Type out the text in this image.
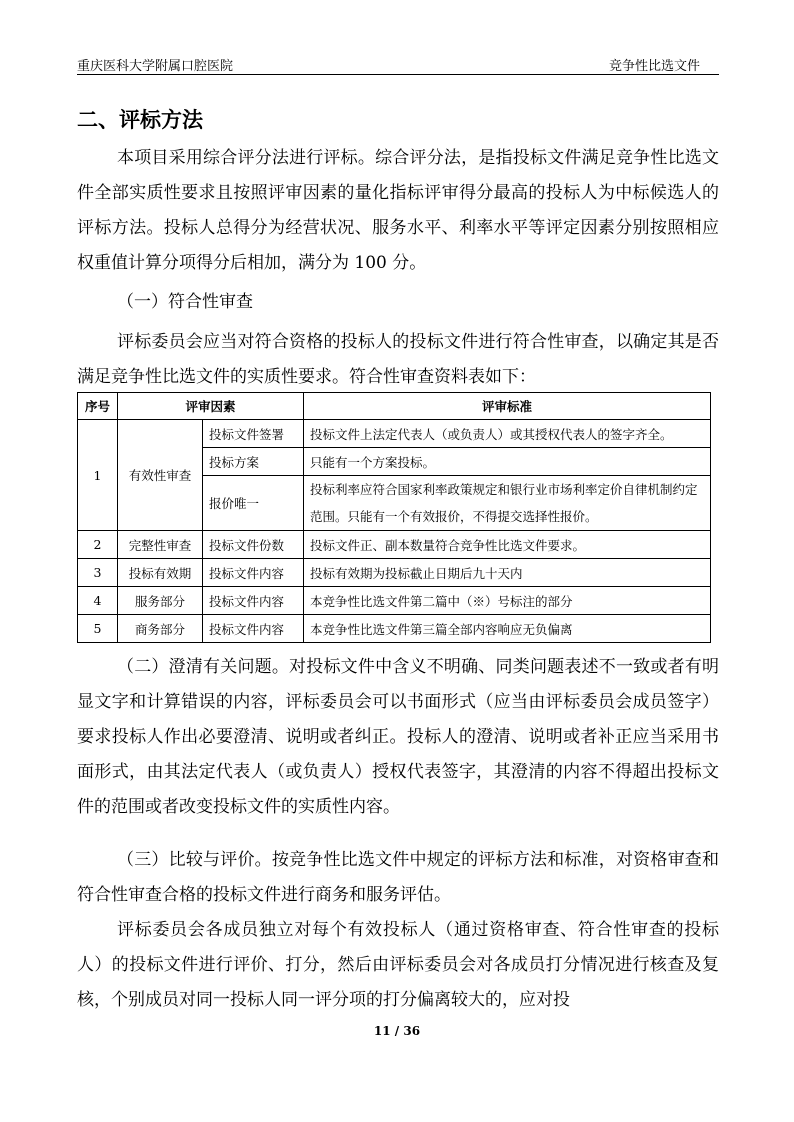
重庆医科大学附属口腔医院	竞争性比选文件
二、评标方法

本项目采用综合评分法进行评标。综合评分法，是指投标文件满足竞争性比选文件全部实质性要求且按照评审因素的量化指标评审得分最高的投标人为中标候选人的评标方法。投标人总得分为经营状况、服务水平、利率水平等评定因素分别按照相应权重值计算分项得分后相加，满分为 100 分。

（一）符合性审查

评标委员会应当对符合资格的投标人的投标文件进行符合性审查，以确定其是否满足竞争性比选文件的实质性要求。符合性审查资料表如下：

序号	评审因素		评审标准
1	有效性审查	投标文件签署	投标文件上法定代表人（或负责人）或其授权代表人的签字齐全。
		投标方案	只能有一个方案投标。
		报价唯一	投标利率应符合国家利率政策规定和银行业市场利率定价自律机制约定范围。只能有一个有效报价，不得提交选择性报价。
2	完整性审查	投标文件份数	投标文件正、副本数量符合竞争性比选文件要求。
3	投标有效期	投标文件内容	投标有效期为投标截止日期后九十天内
4	服务部分	投标文件内容	本竞争性比选文件第二篇中（※）号标注的部分
5	商务部分	投标文件内容	本竞争性比选文件第三篇全部内容响应无负偏离

（二）澄清有关问题。对投标文件中含义不明确、同类问题表述不一致或者有明显文字和计算错误的内容，评标委员会可以书面形式（应当由评标委员会成员签字）要求投标人作出必要澄清、说明或者纠正。投标人的澄清、说明或者补正应当采用书面形式，由其法定代表人（或负责人）授权代表签字，其澄清的内容不得超出投标文件的范围或者改变投标文件的实质性内容。

（三）比较与评价。按竞争性比选文件中规定的评标方法和标准，对资格审查和符合性审查合格的投标文件进行商务和服务评估。

评标委员会各成员独立对每个有效投标人（通过资格审查、符合性审查的投标人）的投标文件进行评价、打分，然后由评标委员会对各成员打分情况进行核查及复核，个别成员对同一投标人同一评分项的打分偏离较大的，应对投

11 / 36
